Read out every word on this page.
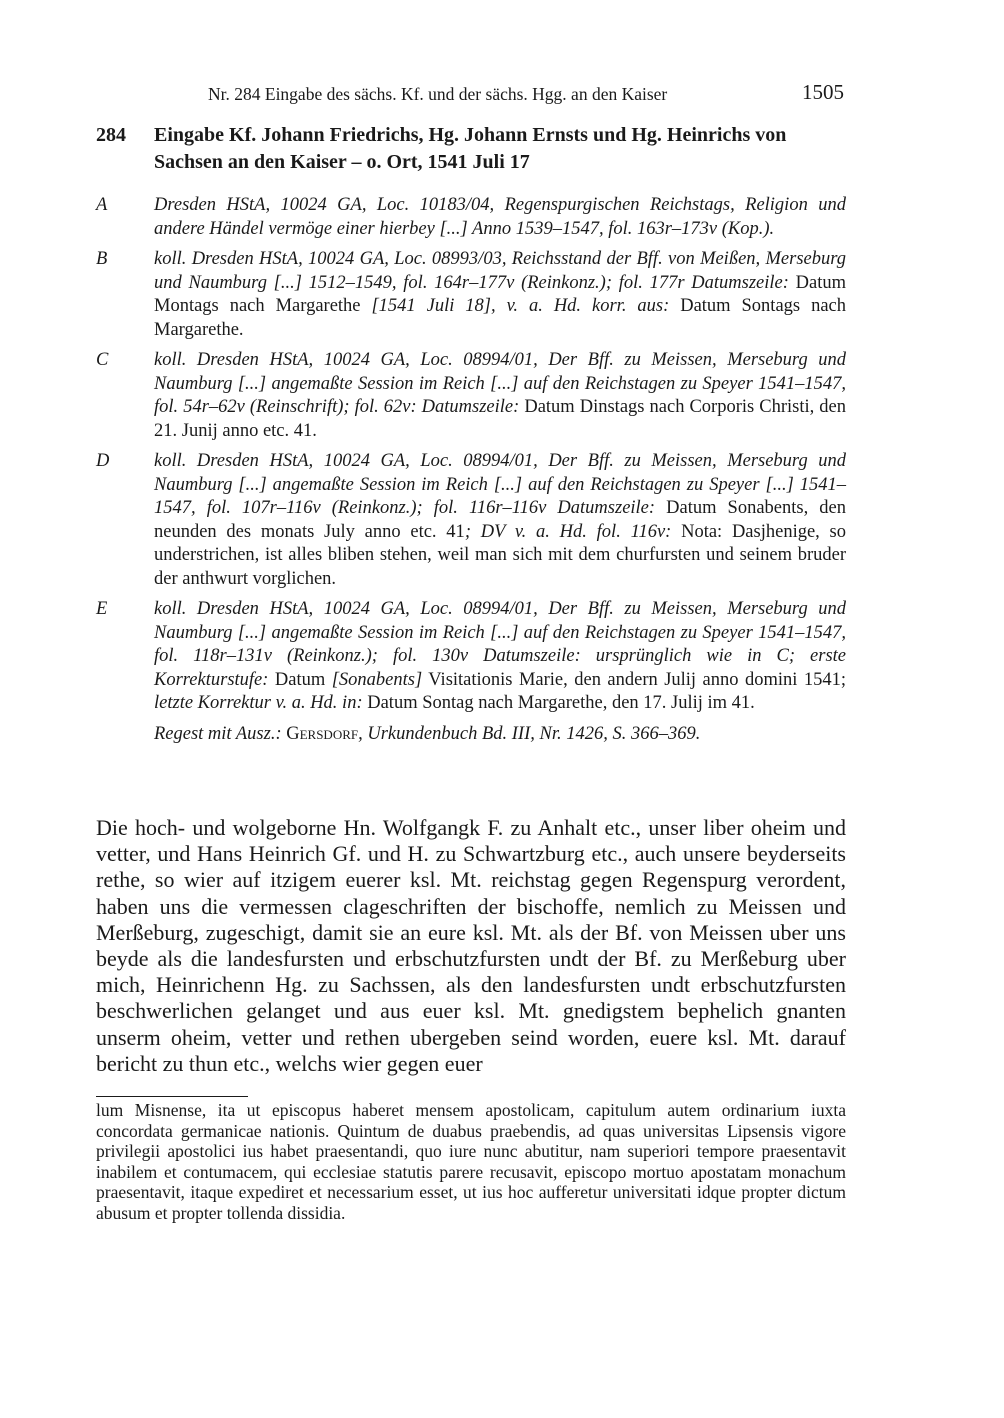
Nr. 284 Eingabe des sächs. Kf. und der sächs. Hgg. an den Kaiser	1505
284 Eingabe Kf. Johann Friedrichs, Hg. Johann Ernsts und Hg. Heinrichs von Sachsen an den Kaiser – o. Ort, 1541 Juli 17
A	Dresden HStA, 10024 GA, Loc. 10183/04, Regenspurgischen Reichstags, Religion und andere Händel vermöge einer hierbey [...] Anno 1539–1547, fol. 163r–173v (Kop.).
B	koll. Dresden HStA, 10024 GA, Loc. 08993/03, Reichsstand der Bff. von Meißen, Merseburg und Naumburg [...] 1512–1549, fol. 164r–177v (Reinkonz.); fol. 177r Datumszeile: Datum Montags nach Margarethe [1541 Juli 18], v. a. Hd. korr. aus: Datum Sontags nach Margarethe.
C koll. Dresden HStA, 10024 GA, Loc. 08994/01, Der Bff. zu Meissen, Merseburg und Naumburg [...] angemaßte Session im Reich [...] auf den Reichstagen zu Speyer 1541–1547, fol. 54r–62v (Reinschrift); fol. 62v: Datumszeile: Datum Dinstags nach Corporis Christi, den 21. Junij anno etc. 41.
D koll. Dresden HStA, 10024 GA, Loc. 08994/01, Der Bff. zu Meissen, Merseburg und Naumburg [...] angemaßte Session im Reich [...] auf den Reichstagen zu Speyer [...] 1541–1547, fol. 107r–116v (Reinkonz.); fol. 116r–116v Datumszeile: Datum Sonabents, den neunden des monats July anno etc. 41; DV v. a. Hd. fol. 116v: Nota: Dasjhenige, so understrichen, ist alles bliben stehen, weil man sich mit dem churfursten und seinem bruder der anthwurt vorglichen.
E	koll. Dresden HStA, 10024 GA, Loc. 08994/01, Der Bff. zu Meissen, Merseburg und Naumburg [...] angemaßte Session im Reich [...] auf den Reichstagen zu Speyer 1541–1547, fol. 118r–131v (Reinkonz.); fol. 130v Datumszeile: ursprünglich wie in C; erste Korrekturstufe: Datum [Sonabents] Visitationis Marie, den andern Julij anno domini 1541; letzte Korrektur v. a. Hd. in: Datum Sontag nach Margarethe, den 17. Julij im 41.
Regest mit Ausz.: Gersdorf, Urkundenbuch Bd. III, Nr. 1426, S. 366–369.

Die hoch- und wolgeborne Hn. Wolfgangk F. zu Anhalt etc., unser liber oheim und vetter, und Hans Heinrich Gf. und H. zu Schwartzburg etc., auch unsere beyderseits rethe, so wier auf itzigem euerer ksl. Mt. reichstag gegen Regenspurg verordent, haben uns die vermessen clageschriften der bischoffe, nemlich zu Meissen und Merßeburg, zugeschigt, damit sie an eure ksl. Mt. als der Bf. von Meissen uber uns beyde als die landesfursten und erbschutzfursten undt der Bf. zu Merßeburg uber mich, Heinrichenn Hg. zu Sachssen, als den landesfursten undt erbschutzfursten beschwerlichen gelanget und aus euer ksl. Mt. gnedigstem bephelich gnanten unserm oheim, vetter und rethen ubergeben seind worden, euere ksl. Mt. darauf bericht zu thun etc., welchs wier gegen euer

lum Misnense, ita ut episcopus haberet mensem apostolicam, capitulum autem ordinarium iuxta concordata germanicae nationis. Quintum de duabus praebendis, ad quas universitas Lipsensis vigore privilegii apostolici ius habet praesentandi, quo iure nunc abutitur, nam superiori tempore praesentavit inabilem et contumacem, qui ecclesiae statutis parere recusavit, episcopo mortuo apostatam monachum praesentavit, itaque expediret et necessarium esset, ut ius hoc aufferetur universitati idque propter dictum abusum et propter tollenda dissidia.
